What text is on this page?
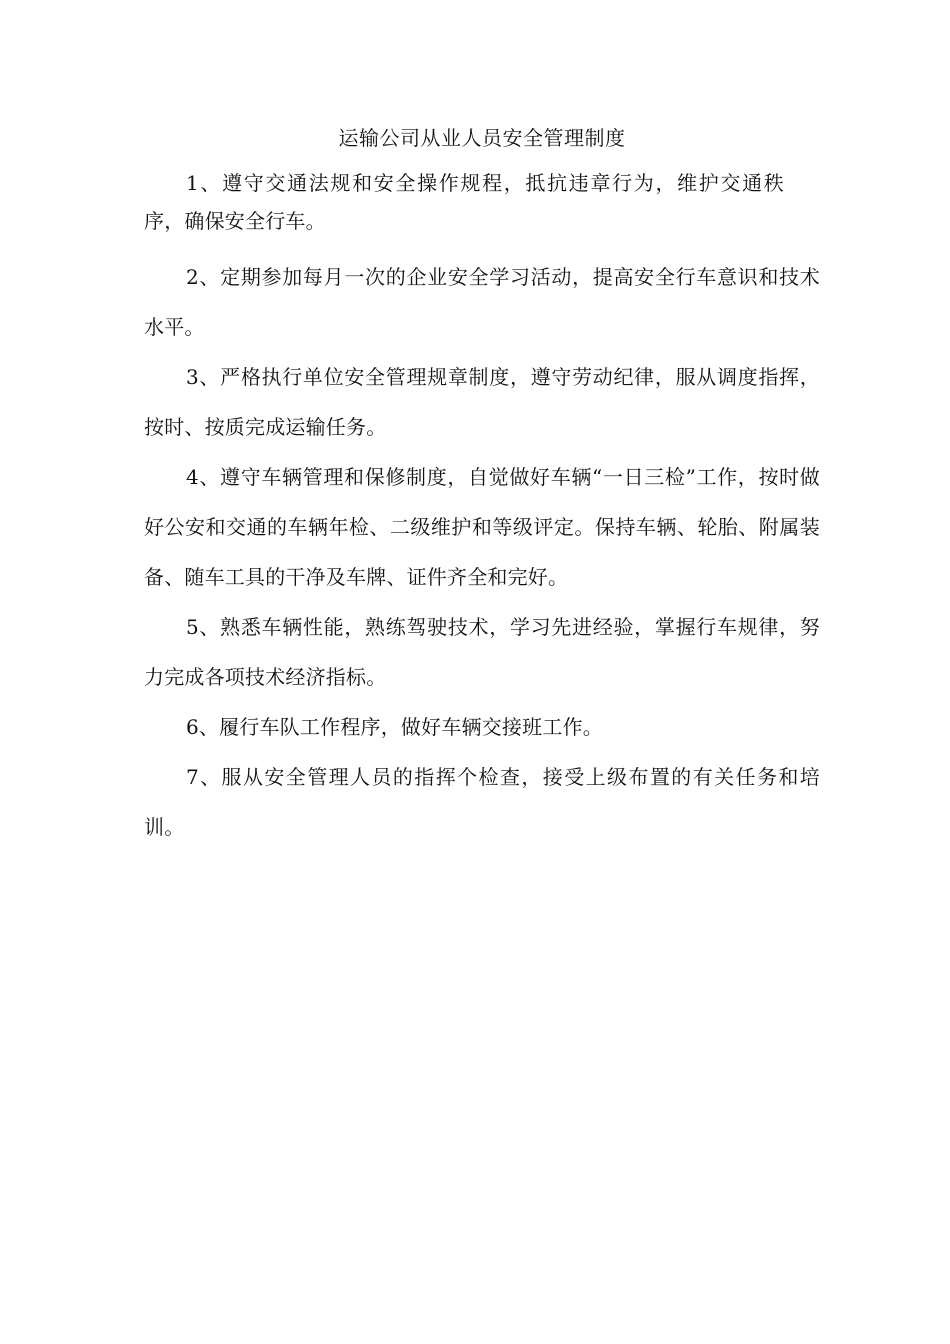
运输公司从业人员安全管理制度

1、遵守交通法规和安全操作规程，抵抗违章行为，维护交通秩序，确保安全行车。

2、定期参加每月一次的企业安全学习活动，提高安全行车意识和技术水平。

3、严格执行单位安全管理规章制度，遵守劳动纪律，服从调度指挥，按时、按质完成运输任务。

4、遵守车辆管理和保修制度，自觉做好车辆“一日三检”工作，按时做好公安和交通的车辆年检、二级维护和等级评定。保持车辆、轮胎、附属装备、随车工具的干净及车牌、证件齐全和完好。

5、熟悉车辆性能，熟练驾驶技术，学习先进经验，掌握行车规律，努力完成各项技术经济指标。

6、履行车队工作程序，做好车辆交接班工作。

7、服从安全管理人员的指挥个检查，接受上级布置的有关任务和培训。
